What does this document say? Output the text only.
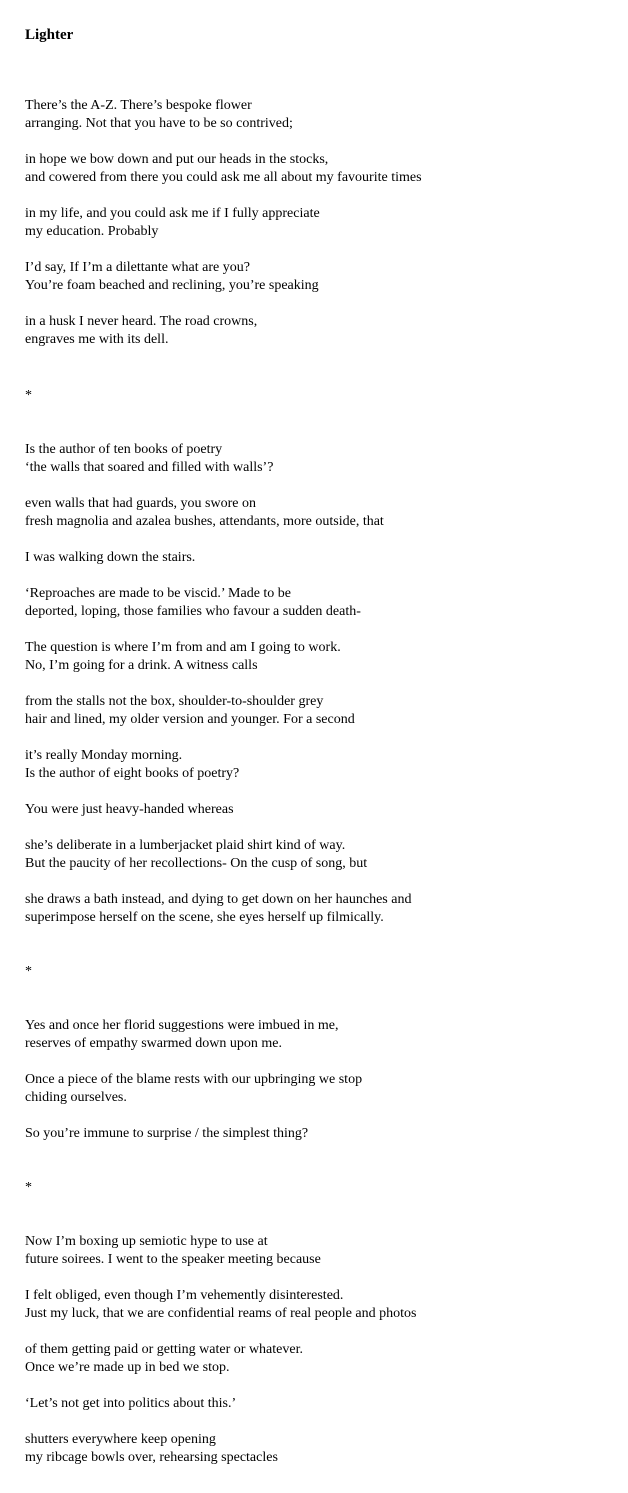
Lighter
There’s the A-Z. There’s bespoke flower
arranging. Not that you have to be so contrived;
in hope we bow down and put our heads in the stocks,
and cowered from there you could ask me all about my favourite times
in my life, and you could ask me if I fully appreciate
my education. Probably
I’d say, If I’m a dilettante what are you?
You’re foam beached and reclining, you’re speaking
in a husk I never heard. The road crowns,
engraves me with its dell.
*
Is the author of ten books of poetry
‘the walls that soared and filled with walls’?
even walls that had guards, you swore on
fresh magnolia and azalea bushes, attendants, more outside, that
I was walking down the stairs.
‘Reproaches are made to be viscid.’ Made to be
deported, loping, those families who favour a sudden death-
The question is where I’m from and am I going to work.
No, I’m going for a drink. A witness calls
from the stalls not the box, shoulder-to-shoulder grey
hair and lined, my older version and younger. For a second
it’s really Monday morning.
Is the author of eight books of poetry?
You were just heavy-handed whereas
she’s deliberate in a lumberjacket plaid shirt kind of way.
But the paucity of her recollections- On the cusp of song, but
she draws a bath instead, and dying to get down on her haunches and
superimpose herself on the scene, she eyes herself up filmically.
*
Yes and once her florid suggestions were imbued in me,
reserves of empathy swarmed down upon me.
Once a piece of the blame rests with our upbringing we stop
chiding ourselves.
So you’re immune to surprise / the simplest thing?
*
Now I’m boxing up semiotic hype to use at
future soirees. I went to the speaker meeting because
I felt obliged, even though I’m vehemently disinterested.
Just my luck, that we are confidential reams of real people and photos
of them getting paid or getting water or whatever.
Once we’re made up in bed we stop.
‘Let’s not get into politics about this.’
shutters everywhere keep opening
my ribcage bowls over, rehearsing spectacles
